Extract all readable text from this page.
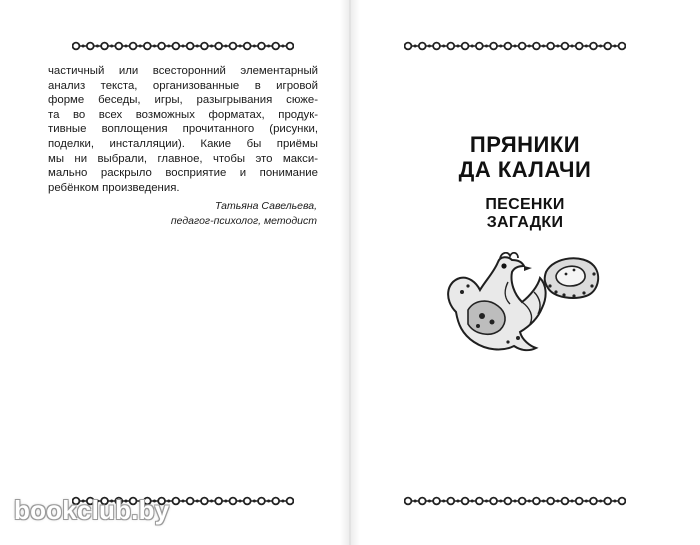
частичный или всесторонний элементарный

анализ текста, организованные в игровой

форме беседы, игры, разыгрывания сюже-

та во всех возможных форматах, продук-

тивные воплощения прочитанного (рисунки,

поделки, инсталляции). Какие бы приёмы

мы ни выбрали, главное, чтобы это макси-

мально раскрыло восприятие и понимание

ребёнком произведения.

Татьяна Савельева,
педагог-психолог, методист
ПРЯНИКИ
ДА КАЛАЧИ
ПЕСЕНКИ
ЗАГАДКИ
bookclub.by
